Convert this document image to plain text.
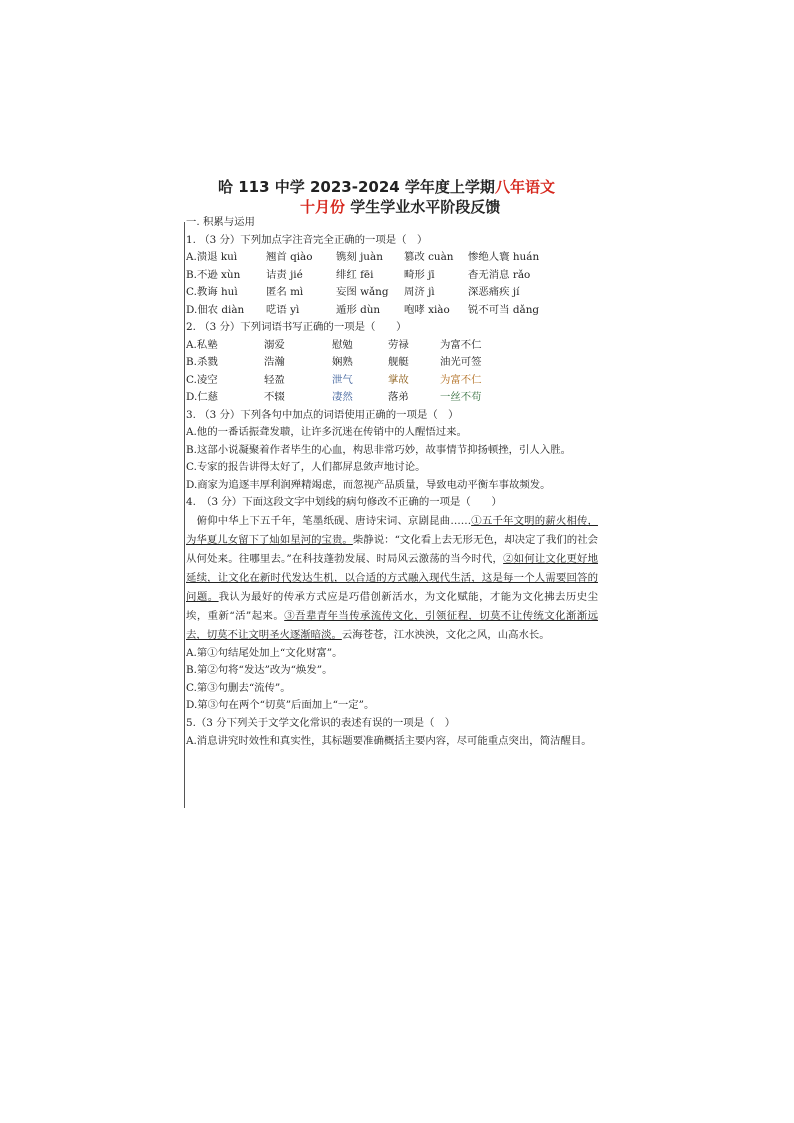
哈 113 中学 2023-2024 学年度上学期八年语文
十月份 学生学业水平阶段反馈
一. 积累与运用
1. （3 分）下列加点字注音完全正确的一项是（　）
A.溃退 kuì	翘首 qiào 镌刻 juàn 篡改 cuàn 惨绝人寰 huán
B.不逊 xùn 诘责 jié	绯红 fēi	畸形 jī	杳无消息 rǎo
C.教诲 huì	匿名 mì	妄图 wǎng 周济 jì	深恶痛疾 jí
D.佃农 diàn 呓语 yì	遁形 dùn 咆哮 xiào 锐不可当 dǎng
2. （3 分）下列词语书写正确的一项是（　　）
A.私塾	溺爱	慰勉	劳禄	为富不仁
B.杀戮	浩瀚	娴熟	舰艇	油光可签
C.凌空	轻盈	泄气	掌故	为富不仁
D.仁慈	不辍	凄然	落弟	一丝不苟
3. （3 分）下列各句中加点的词语使用正确的一项是（　）
A.他的一番话振聋发聩，让许多沉迷在传销中的人醒悟过来。
B.这部小说凝聚着作者毕生的心血，构思非常巧妙，故事情节抑扬顿挫，引人入胜。
C.专家的报告讲得太好了，人们都屏息敛声地讨论。
D.商家为追逐丰厚利润殚精竭虑，而忽视产品质量，导致电动平衡车事故频发。
4.　（3 分）下面这段文字中划线的病句修改不正确的一项是（　　）
　俯仰中华上下五千年，笔墨纸砚、唐诗宋词、京剧昆曲……①五千年文明的薪火相传，为华夏儿女留下了灿如星河的宝贵。柴静说：“文化看上去无形无色，却决定了我们的社会从何处来。往哪里去。”在科技蓬勃发展、时局风云激荡的当今时代，②如何让文化更好地延续，让文化在新时代发达生机，以合适的方式融入现代生活，这是每一个人需要回答的问题。我认为最好的传承方式应是巧借创新活水，为文化赋能，才能为文化拂去历史尘埃，重新“活”起来。③吾辈青年当传承流传文化，引领征程，切莫不让传统文化渐渐远去，切莫不让文明圣火逐渐暗淡。云海苍苍，江水泱泱，文化之风，山高水长。
A.第①句结尾处加上“文化财富”。
B.第②句将“发达”改为“焕发”。
C.第③句删去“流传”。
D.第③句在两个“切莫”后面加上“一定”。
5.（3 分下列关于文学文化常识的表述有误的一项是（　）
A.消息讲究时效性和真实性，其标题要准确概括主要内容，尽可能重点突出，简洁醒目。
